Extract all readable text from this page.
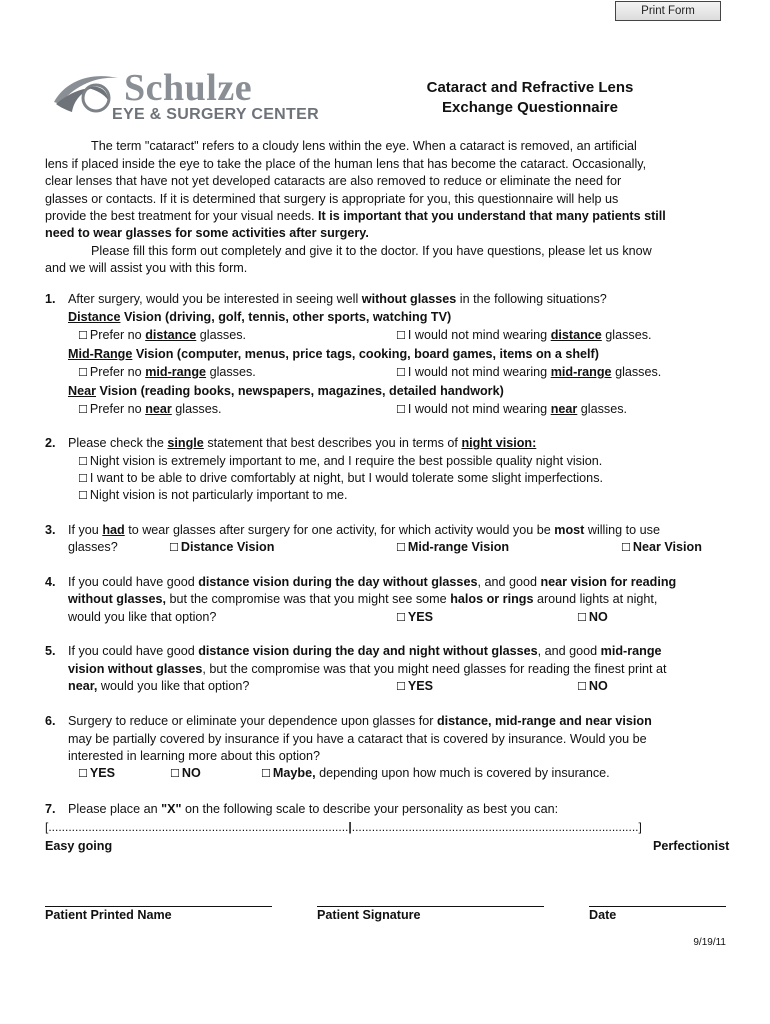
Print Form
Schulze
EYE & SURGERY CENTER
Cataract and Refractive Lens
Exchange Questionnaire
The term "cataract" refers to a cloudy lens within the eye. When a cataract is removed, an artificial
lens if placed inside the eye to take the place of the human lens that has become the cataract. Occasionally,
clear lenses that have not yet developed cataracts are also removed to reduce or eliminate the need for
glasses or contacts. If it is determined that surgery is appropriate for you, this questionnaire will help us
provide the best treatment for your visual needs. It is important that you understand that many patients still
need to wear glasses for some activities after surgery.
Please fill this form out completely and give it to the doctor. If you have questions, please let us know
and we will assist you with this form.
1. After surgery, would you be interested in seeing well without glasses in the following situations?
Distance Vision (driving, golf, tennis, other sports, watching TV)
☐ Prefer no distance glasses.	☐ I would not mind wearing distance glasses.
Mid-Range Vision (computer, menus, price tags, cooking, board games, items on a shelf)
☐ Prefer no mid-range glasses.	☐ I would not mind wearing mid-range glasses.
Near Vision (reading books, newspapers, magazines, detailed handwork)
☐ Prefer no near glasses.	☐ I would not mind wearing near glasses.
2. Please check the single statement that best describes you in terms of night vision:
☐ Night vision is extremely important to me, and I require the best possible quality night vision.
☐ I want to be able to drive comfortably at night, but I would tolerate some slight imperfections.
☐ Night vision is not particularly important to me.
3. If you had to wear glasses after surgery for one activity, for which activity would you be most willing to use
glasses?	☐ Distance Vision	☐ Mid-range Vision	☐ Near Vision
4. If you could have good distance vision during the day without glasses, and good near vision for reading
without glasses, but the compromise was that you might see some halos or rings around lights at night,
would you like that option?	☐ YES	☐ NO
5. If you could have good distance vision during the day and night without glasses, and good mid-range
vision without glasses, but the compromise was that you might need glasses for reading the finest print at
near, would you like that option?	☐ YES	☐ NO
6. Surgery to reduce or eliminate your dependence upon glasses for distance, mid-range and near vision
may be partially covered by insurance if you have a cataract that is covered by insurance. Would you be
interested in learning more about this option?
☐ YES	☐ NO	☐ Maybe, depending upon how much is covered by insurance.
7. Please place an "X" on the following scale to describe your personality as best you can:
[..........................................................................................|......................................................................................]
Easy going	Perfectionist
Patient Printed Name	Patient Signature	Date
9/19/11
